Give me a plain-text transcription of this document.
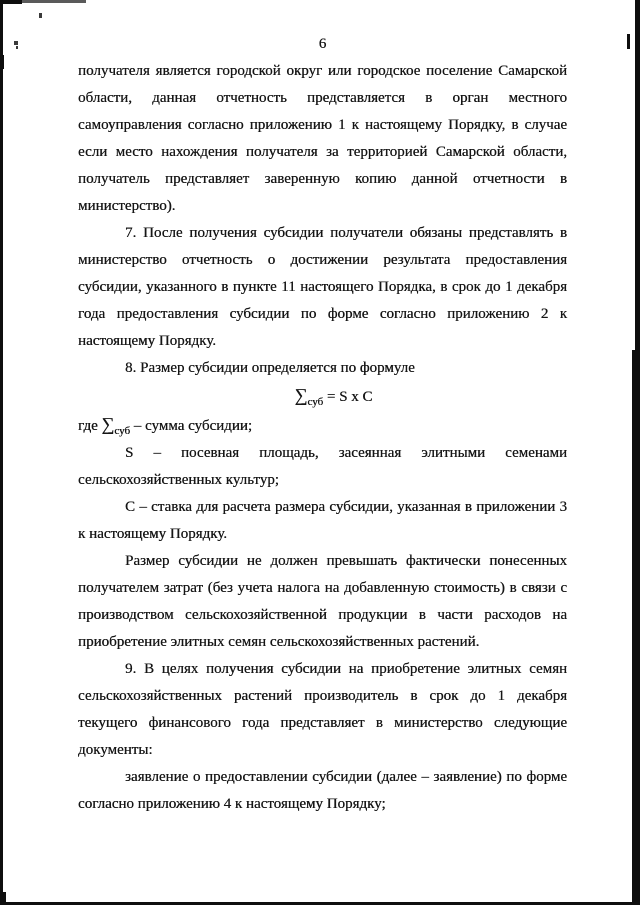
6
получателя является городской округ или городское поселение Самарской
области, данная отчетность представляется в орган местного
самоуправления согласно приложению 1 к настоящему Порядку, в случае
если место нахождения получателя за территорией Самарской области,
получатель представляет заверенную копию данной отчетности в
министерство).
7. После получения субсидии получатели обязаны представлять в
министерство отчетность о достижении результата предоставления
субсидии, указанного в пункте 11 настоящего Порядка, в срок до 1 декабря
года предоставления субсидии по форме согласно приложению 2 к
настоящему Порядку.
8. Размер субсидии определяется по формуле
$\sum_{суб} = S$ x C
где $\sum_{суб}$ – сумма субсидии;
S – посевная площадь, засеянная элитными семенами
сельскохозяйственных культур;
С – ставка для расчета размера субсидии, указанная в приложении 3
к настоящему Порядку.
Размер субсидии не должен превышать фактически понесенных
получателем затрат (без учета налога на добавленную стоимость) в связи с
производством сельскохозяйственной продукции в части расходов на
приобретение элитных семян сельскохозяйственных растений.
9. В целях получения субсидии на приобретение элитных семян
сельскохозяйственных растений производитель в срок до 1 декабря
текущего финансового года представляет в министерство следующие
документы:
заявление о предоставлении субсидии (далее – заявление) по форме
согласно приложению 4 к настоящему Порядку;
